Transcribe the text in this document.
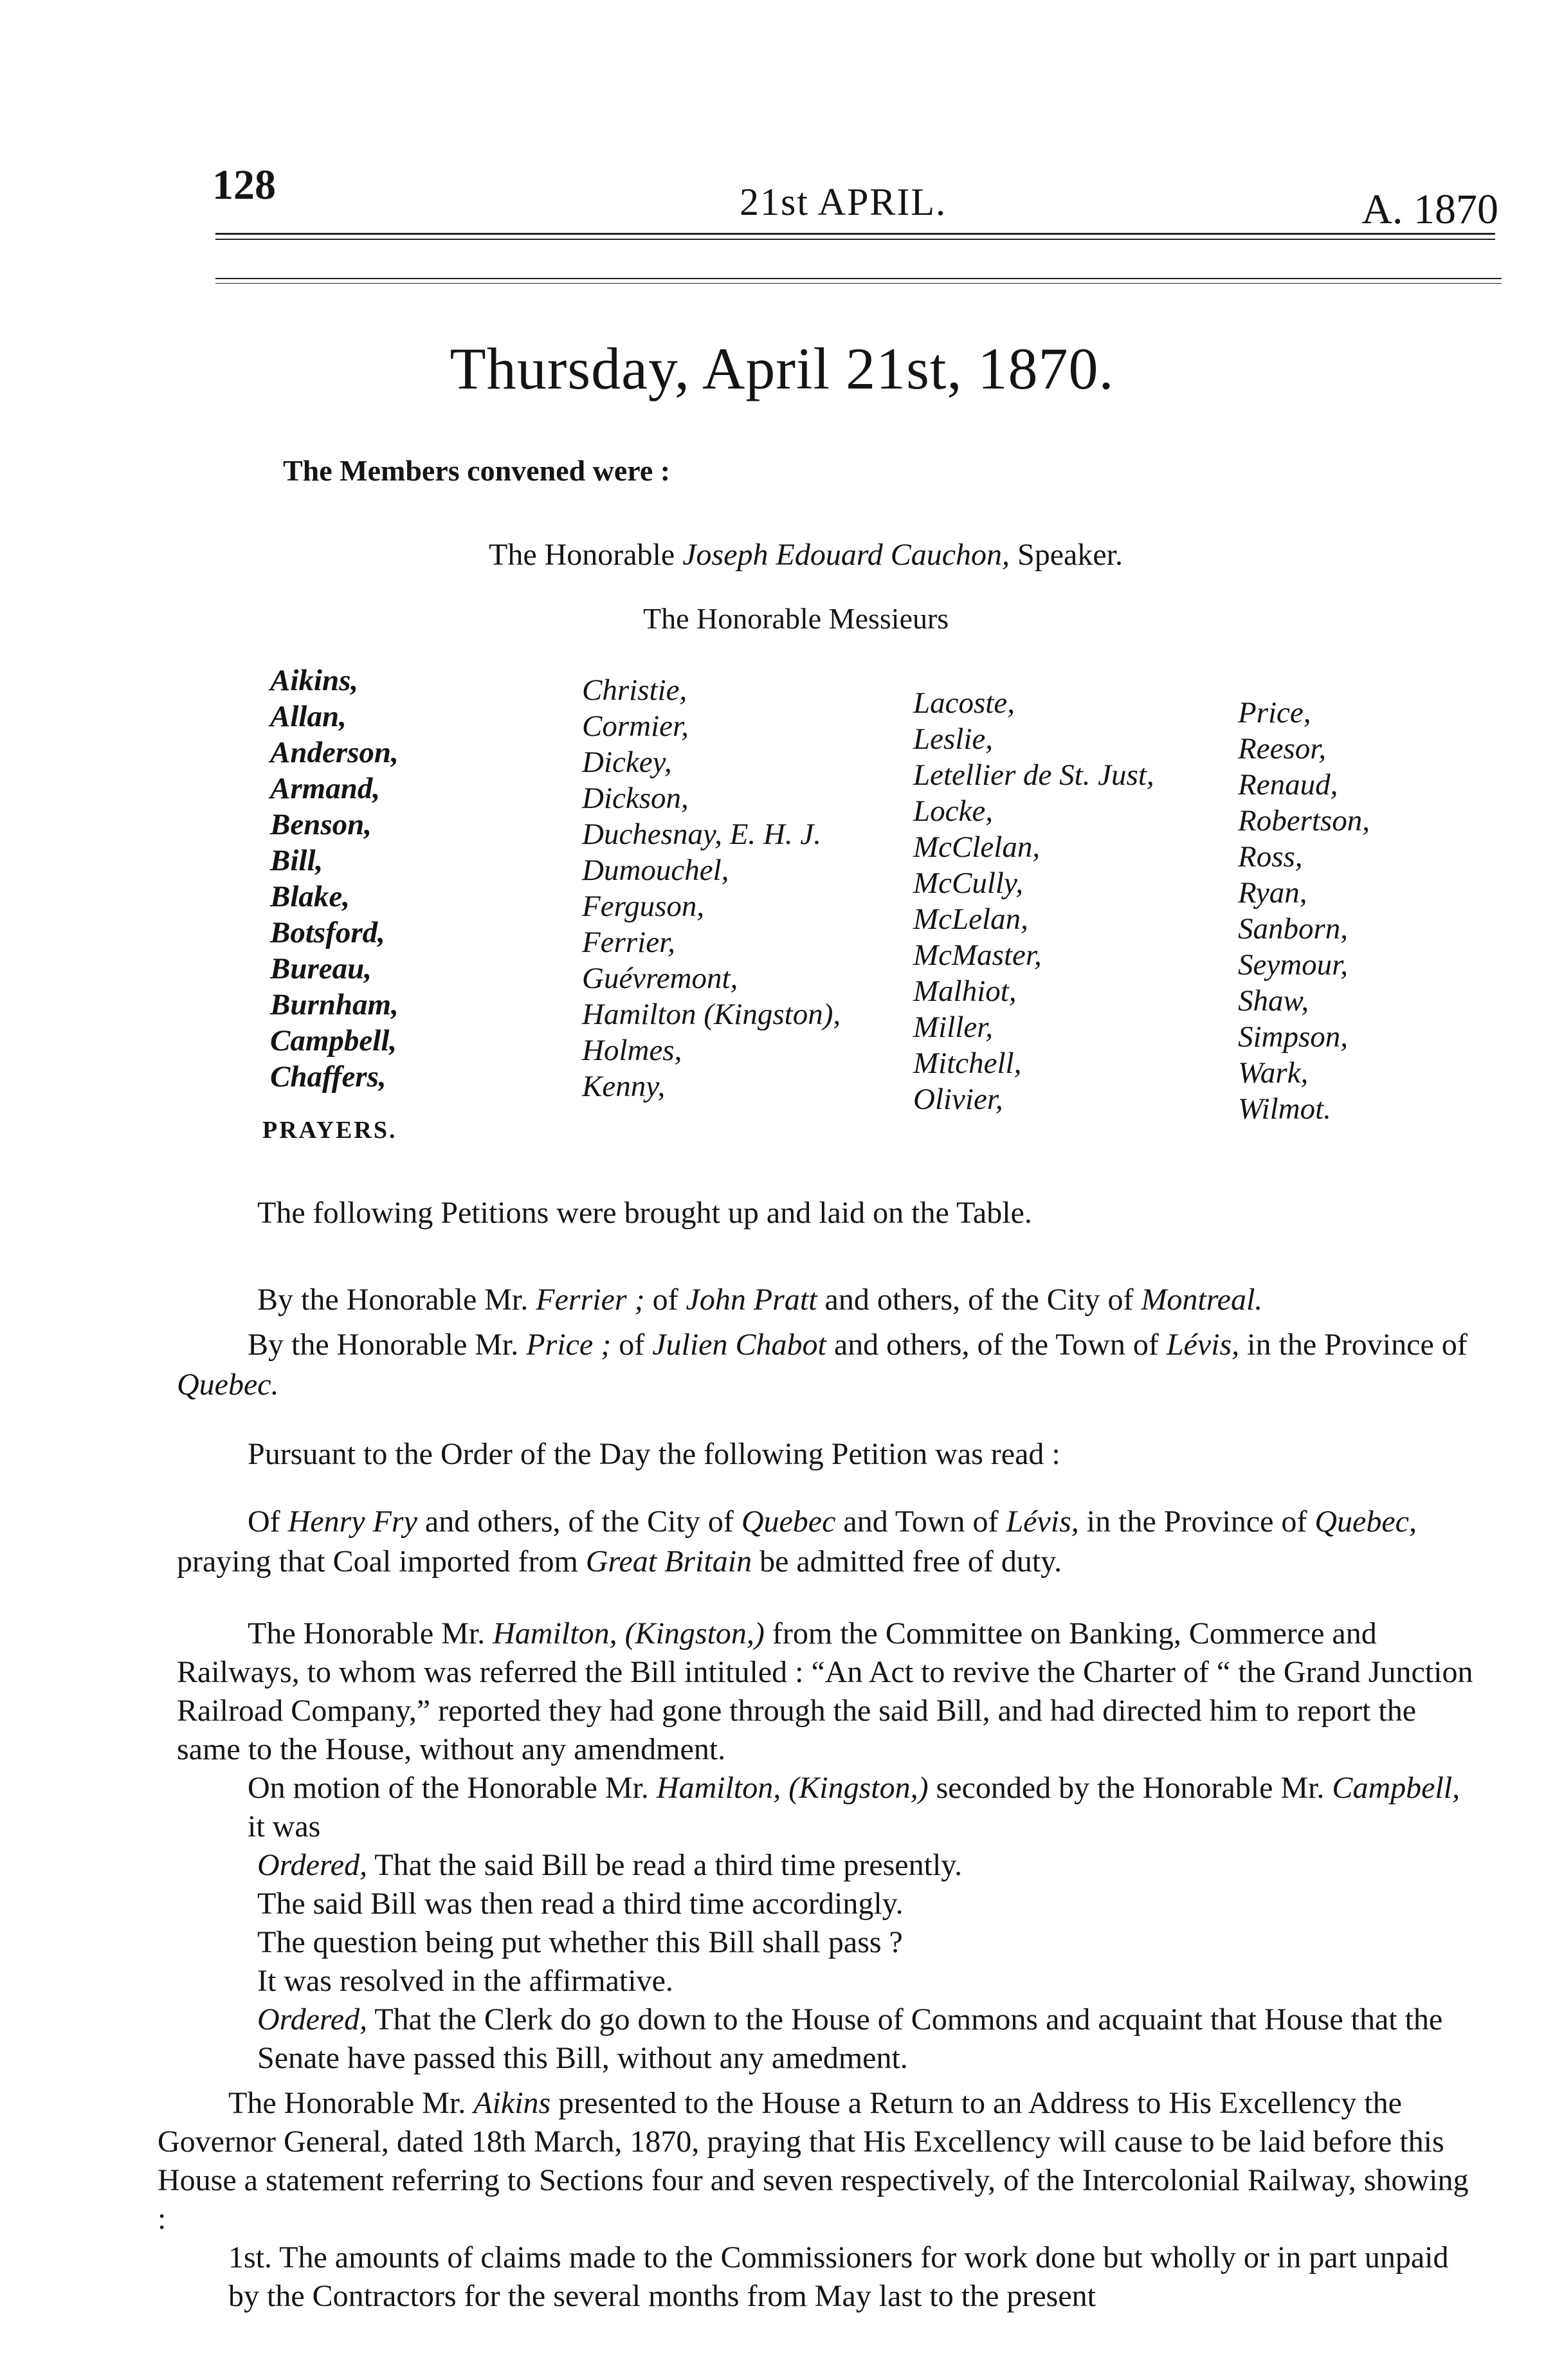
128	21st APRIL.	A. 1870
Thursday, April 21st, 1870.
The Members convened were :
The Honorable Joseph Edouard Cauchon, Speaker.
The Honorable Messieurs
Aikins,
Allan,
Anderson,
Armand,
Benson,
Bill,
Blake,
Botsford,
Bureau,
Burnham,
Campbell,
Chaffers,
Christie,
Cormier,
Dickey,
Dickson,
Duchesnay, E. H. J.
Dumouchel,
Ferguson,
Ferrier,
Guévremont,
Hamilton (Kingston),
Holmes,
Kenny,
Lacoste,
Leslie,
Letellier de St. Just,
Locke,
McClelan,
McCully,
McLelan,
McMaster,
Malhiot,
Miller,
Mitchell,
Olivier,
Price,
Reesor,
Renaud,
Robertson,
Ross,
Ryan,
Sanborn,
Seymour,
Shaw,
Simpson,
Wark,
Wilmot.
PRAYERS.
The following Petitions were brought up and laid on the Table.
By the Honorable Mr. Ferrier ; of John Pratt and others, of the City of Montreal.
By the Honorable Mr. Price ; of Julien Chabot and others, of the Town of Lévis, in the Province of Quebec.
Pursuant to the Order of the Day the following Petition was read :
Of Henry Fry and others, of the City of Quebec and Town of Lévis, in the Province of Quebec, praying that Coal imported from Great Britain be admitted free of duty.
The Honorable Mr. Hamilton, (Kingston,) from the Committee on Banking, Commerce and Railways, to whom was referred the Bill intituled : “An Act to revive the Charter of “ the Grand Junction Railroad Company,” reported they had gone through the said Bill, and had directed him to report the same to the House, without any amendment.
On motion of the Honorable Mr. Hamilton, (Kingston,) seconded by the Honorable Mr. Campbell, it was
Ordered, That the said Bill be read a third time presently.
The said Bill was then read a third time accordingly.
The question being put whether this Bill shall pass ?
It was resolved in the affirmative.
Ordered, That the Clerk do go down to the House of Commons and acquaint that House that the Senate have passed this Bill, without any amedment.
The Honorable Mr. Aikins presented to the House a Return to an Address to His Excellency the Governor General, dated 18th March, 1870, praying that His Excellency will cause to be laid before this House a statement referring to Sections four and seven respectively, of the Intercolonial Railway, showing :
1st. The amounts of claims made to the Commissioners for work done but wholly or in part unpaid by the Contractors for the several months from May last to the present
